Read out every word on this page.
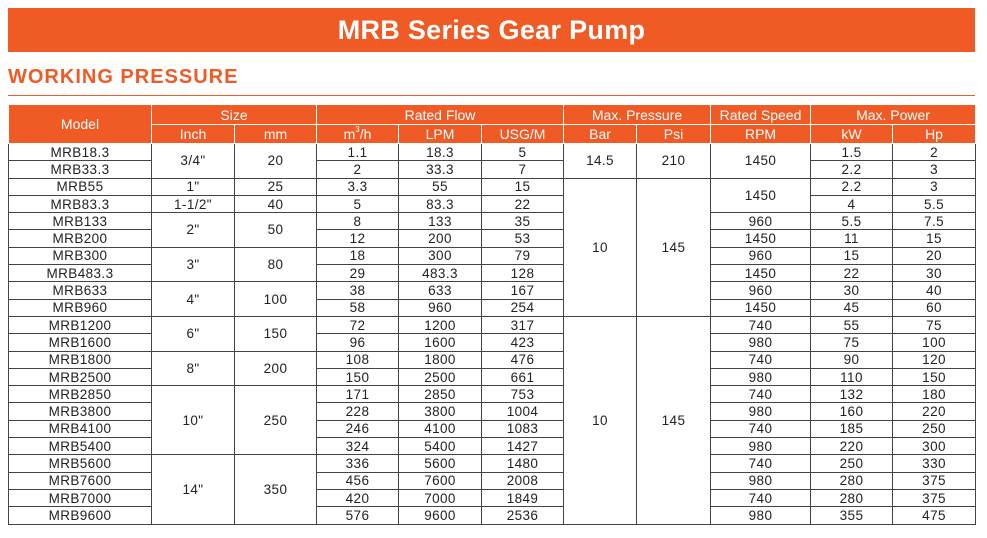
MRB Series Gear Pump
WORKING PRESSURE
Model	Size		Rated Flow			Max. Pressure		Rated Speed	Max. Power	
	Inch	mm	$m^3/h$	LPM	USG/M	Bar	Psi	RPM	kW	Hp
MRB18.3	3/4"	20	1.1	18.3	5	14.5	210	1450	1.5	2
MRB33.3			2	33.3	7				2.2	3
MRB55	1"	25	3.3	55	15	10	145	1450	2.2	3
MRB83.3	1-1/2"	40	5	83.3	22				4	5.5
MRB133	2"	50	8	133	35			960	5.5	7.5
MRB200			12	200	53			1450	11	15
MRB300	3"	80	18	300	79			960	15	20
MRB483.3			29	483.3	128			1450	22	30
MRB633	4"	100	38	633	167			960	30	40
MRB960			58	960	254			1450	45	60
MRB1200	6"	150	72	1200	317	10	145	740	55	75
MRB1600			96	1600	423			980	75	100
MRB1800	8"	200	108	1800	476			740	90	120
MRB2500			150	2500	661			980	110	150
MRB2850	10"	250	171	2850	753			740	132	180
MRB3800			228	3800	1004			980	160	220
MRB4100			246	4100	1083			740	185	250
MRB5400			324	5400	1427			980	220	300
MRB5600	14"	350	336	5600	1480			740	250	330
MRB7600			456	7600	2008			980	280	375
MRB7000			420	7000	1849			740	280	375
MRB9600			576	9600	2536			980	355	475
